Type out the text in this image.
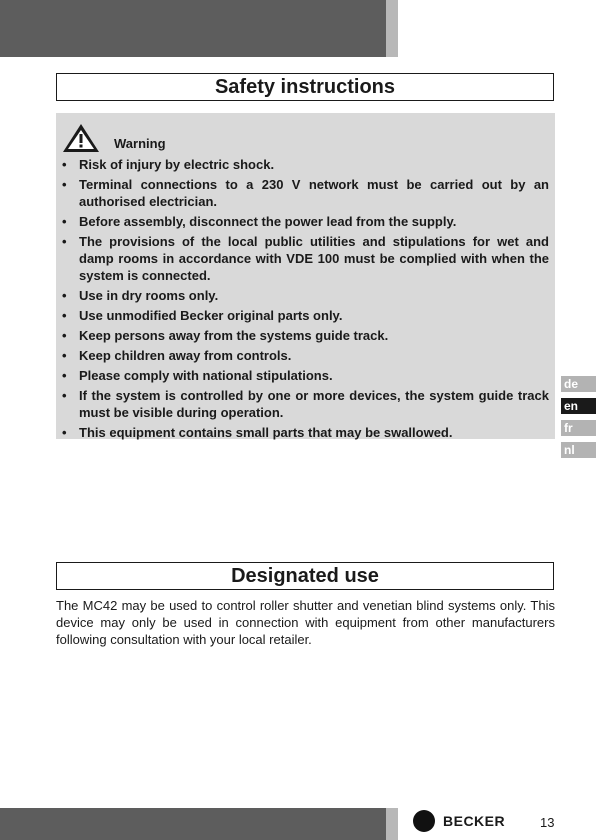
Safety instructions
Warning
• Risk of injury by electric shock.
• Terminal connections to a 230 V network must be carried out by an authorised electrician.
• Before assembly, disconnect the power lead from the supply.
• The provisions of the local public utilities and stipulations for wet and damp rooms in accordance with VDE 100 must be complied with when the system is connected.
• Use in dry rooms only.
• Use unmodified Becker original parts only.
• Keep persons away from the systems guide track.
• Keep children away from controls.
• Please comply with national stipulations.
• If the system is controlled by one or more devices, the system guide track must be visible during operation.
• This equipment contains small parts that may be swallowed.
de
en
fr
nl
Designated use

The MC42 may be used to control roller shutter and venetian blind systems only. This device may only be used in connection with equipment from other manufacturers following consultation with your local retailer.

BECKER	13
